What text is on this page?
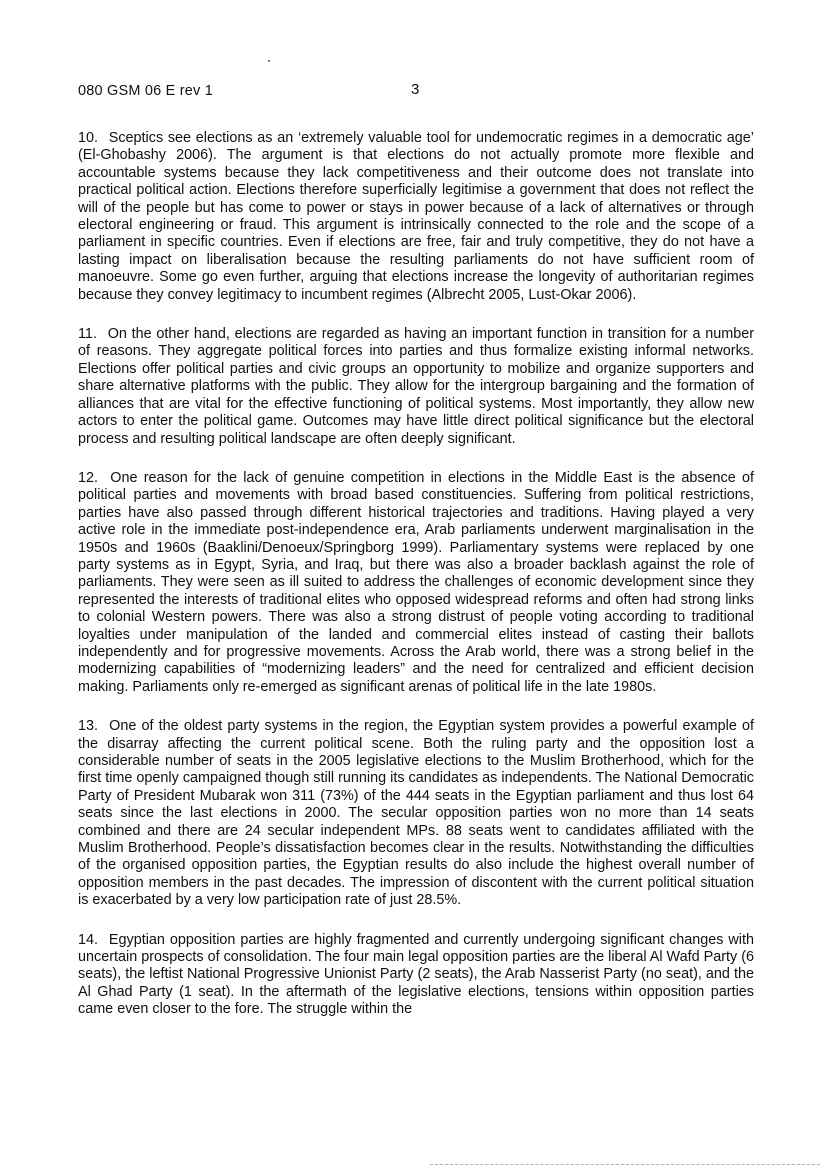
080 GSM 06 E rev 1	3

10. Sceptics see elections as an ‘extremely valuable tool for undemocratic regimes in a democratic age’ (El-Ghobashy 2006). The argument is that elections do not actually promote more flexible and accountable systems because they lack competitiveness and their outcome does not translate into practical political action. Elections therefore superficially legitimise a government that does not reflect the will of the people but has come to power or stays in power because of a lack of alternatives or through electoral engineering or fraud. This argument is intrinsically connected to the role and the scope of a parliament in specific countries. Even if elections are free, fair and truly competitive, they do not have a lasting impact on liberalisation because the resulting parliaments do not have sufficient room of manoeuvre. Some go even further, arguing that elections increase the longevity of authoritarian regimes because they convey legitimacy to incumbent regimes (Albrecht 2005, Lust-Okar 2006).

11. On the other hand, elections are regarded as having an important function in transition for a number of reasons. They aggregate political forces into parties and thus formalize existing informal networks. Elections offer political parties and civic groups an opportunity to mobilize and organize supporters and share alternative platforms with the public. They allow for the intergroup bargaining and the formation of alliances that are vital for the effective functioning of political systems. Most importantly, they allow new actors to enter the political game. Outcomes may have little direct political significance but the electoral process and resulting political landscape are often deeply significant.

12. One reason for the lack of genuine competition in elections in the Middle East is the absence of political parties and movements with broad based constituencies. Suffering from political restrictions, parties have also passed through different historical trajectories and traditions. Having played a very active role in the immediate post-independence era, Arab parliaments underwent marginalisation in the 1950s and 1960s (Baaklini/Denoeux/Springborg 1999). Parliamentary systems were replaced by one party systems as in Egypt, Syria, and Iraq, but there was also a broader backlash against the role of parliaments. They were seen as ill suited to address the challenges of economic development since they represented the interests of traditional elites who opposed widespread reforms and often had strong links to colonial Western powers. There was also a strong distrust of people voting according to traditional loyalties under manipulation of the landed and commercial elites instead of casting their ballots independently and for progressive movements. Across the Arab world, there was a strong belief in the modernizing capabilities of “modernizing leaders” and the need for centralized and efficient decision making. Parliaments only re-emerged as significant arenas of political life in the late 1980s.

13. One of the oldest party systems in the region, the Egyptian system provides a powerful example of the disarray affecting the current political scene. Both the ruling party and the opposition lost a considerable number of seats in the 2005 legislative elections to the Muslim Brotherhood, which for the first time openly campaigned though still running its candidates as independents. The National Democratic Party of President Mubarak won 311 (73%) of the 444 seats in the Egyptian parliament and thus lost 64 seats since the last elections in 2000. The secular opposition parties won no more than 14 seats combined and there are 24 secular independent MPs. 88 seats went to candidates affiliated with the Muslim Brotherhood. People’s dissatisfaction becomes clear in the results. Notwithstanding the difficulties of the organised opposition parties, the Egyptian results do also include the highest overall number of opposition members in the past decades. The impression of discontent with the current political situation is exacerbated by a very low participation rate of just 28.5%.

14. Egyptian opposition parties are highly fragmented and currently undergoing significant changes with uncertain prospects of consolidation. The four main legal opposition parties are the liberal Al Wafd Party (6 seats), the leftist National Progressive Unionist Party (2 seats), the Arab Nasserist Party (no seat), and the Al Ghad Party (1 seat). In the aftermath of the legislative elections, tensions within opposition parties came even closer to the fore. The struggle within the
